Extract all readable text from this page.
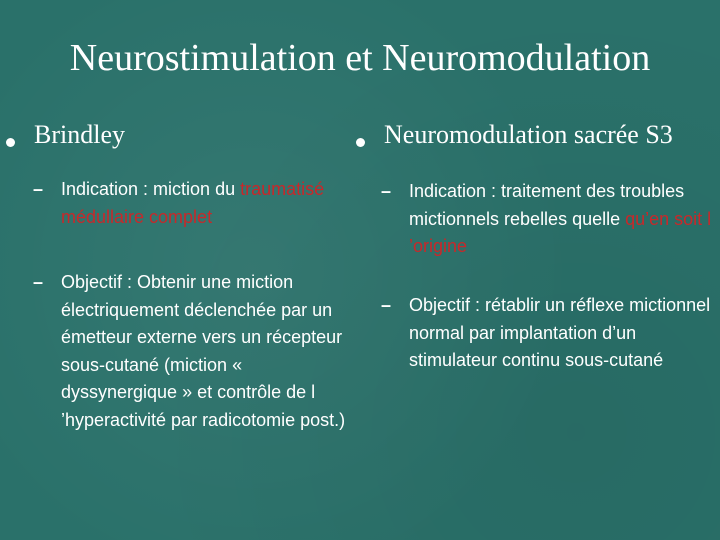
Neurostimulation et Neuromodulation
Brindley
– Indication : miction du traumatisé médullaire complet
– Objectif : Obtenir une miction électriquement déclenchée par un émetteur externe vers un récepteur sous-cutané (miction « dyssynergique » et contrôle de l ’hyperactivité par radicotomie post.)
Neuromodulation sacrée S3
– Indication : traitement des troubles mictionnels rebelles quelle qu’en soit l ’origine
– Objectif : rétablir un réflexe mictionnel normal par implantation d’un stimulateur continu sous-cutané
